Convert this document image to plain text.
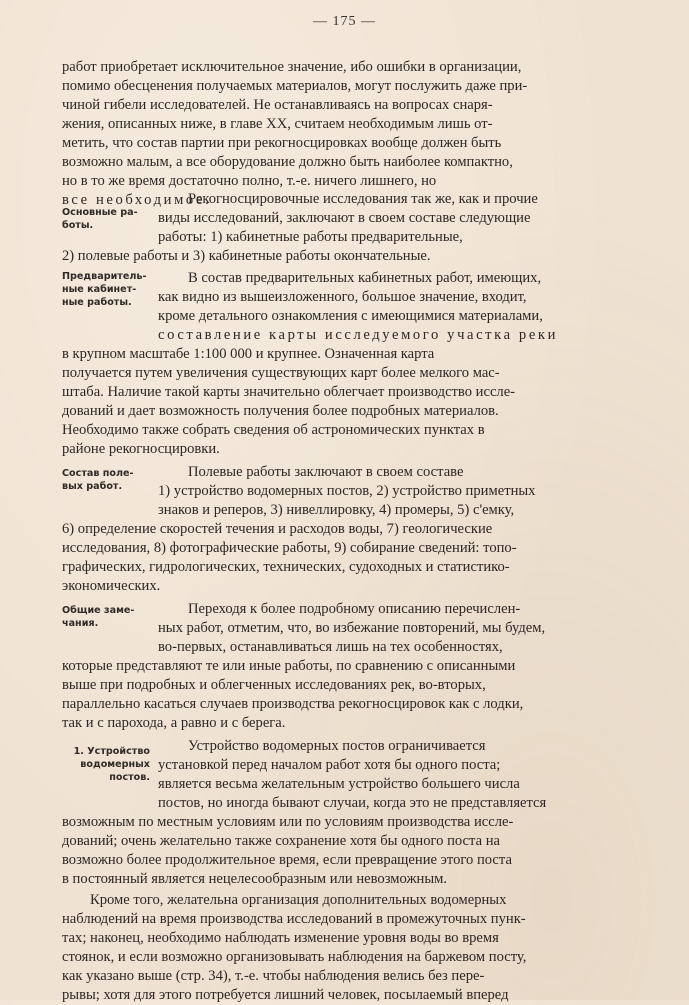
— 175 —
работ приобретает исключительное значение, ибо ошибки в организации,
помимо обесценения получаемых материалов, могут послужить даже при-
чиной гибели исследователей. Не останавливаясь на вопросах снаря-
жения, описанных ниже, в главе XX, считаем необходимым лишь от-
метить, что состав партии при рекогносцировках вообще должен быть
возможно малым, а все оборудование должно быть наиболее компактно,
но в то же время достаточно полно, т.-е. ничего лишнего, но
все необходимое.
Рекогносцировочные исследования так же, как и прочие
виды исследований, заключают в своем составе следующие
работы: 1) кабинетные работы предварительные,
2) полевые работы и 3) кабинетные работы окончательные.
В состав предварительных кабинетных работ, имеющих,
как видно из вышеизложенного, большое значение, входит,
кроме детального ознакомления с имеющимися материалами,
составление карты исследуемого участка реки
в крупном масштабе 1:100 000 и крупнее. Означенная карта
получается путем увеличения существующих карт более мелкого мас-
штаба. Наличие такой карты значительно облегчает производство иссле-
дований и дает возможность получения более подробных материалов.
Необходимо также собрать сведения об астрономических пунктах в
районе рекогносцировки.
Полевые работы заключают в своем составе
1) устройство водомерных постов, 2) устройство приметных
знаков и реперов, 3) нивеллировку, 4) промеры, 5) с'емку,
6) определение скоростей течения и расходов воды, 7) геологические
исследования, 8) фотографические работы, 9) собирание сведений: топо-
графических, гидрологических, технических, судоходных и статистико-
экономических.
Переходя к более подробному описанию перечислен-
ных работ, отметим, что, во избежание повторений, мы будем,
во-первых, останавливаться лишь на тех особенностях,
которые представляют те или иные работы, по сравнению с описанными
выше при подробных и облегченных исследованиях рек, во-вторых,
параллельно касаться случаев производства рекогносцировок как с лодки,
так и с парохода, а равно и с берега.
Устройство водомерных постов ограничивается
установкой перед началом работ хотя бы одного поста;
является весьма желательным устройство большего числа
постов, но иногда бывают случаи, когда это не представляется
возможным по местным условиям или по условиям производства иссле-
дований; очень желательно также сохранение хотя бы одного поста на
возможно более продолжительное время, если превращение этого поста
в постоянный является нецелесообразным или невозможным.
Кроме того, желательна организация дополнительных водомерных
наблюдений на время производства исследований в промежуточных пунк-
тах; наконец, необходимо наблюдать изменение уровня воды во время
стоянок, и если возможно организовывать наблюдения на баржевом посту,
как указано выше (стр. 34), т.-е. чтобы наблюдения велись без пере-
рывы; хотя для этого потребуется лишний человек, посылаемый вперед
Основные ра-
боты.
Предваритель-
ные кабинет-
ные работы.
Состав поле-
вых работ.
Общие заме-
чания.
1. Устройство
водомерных
постов.
